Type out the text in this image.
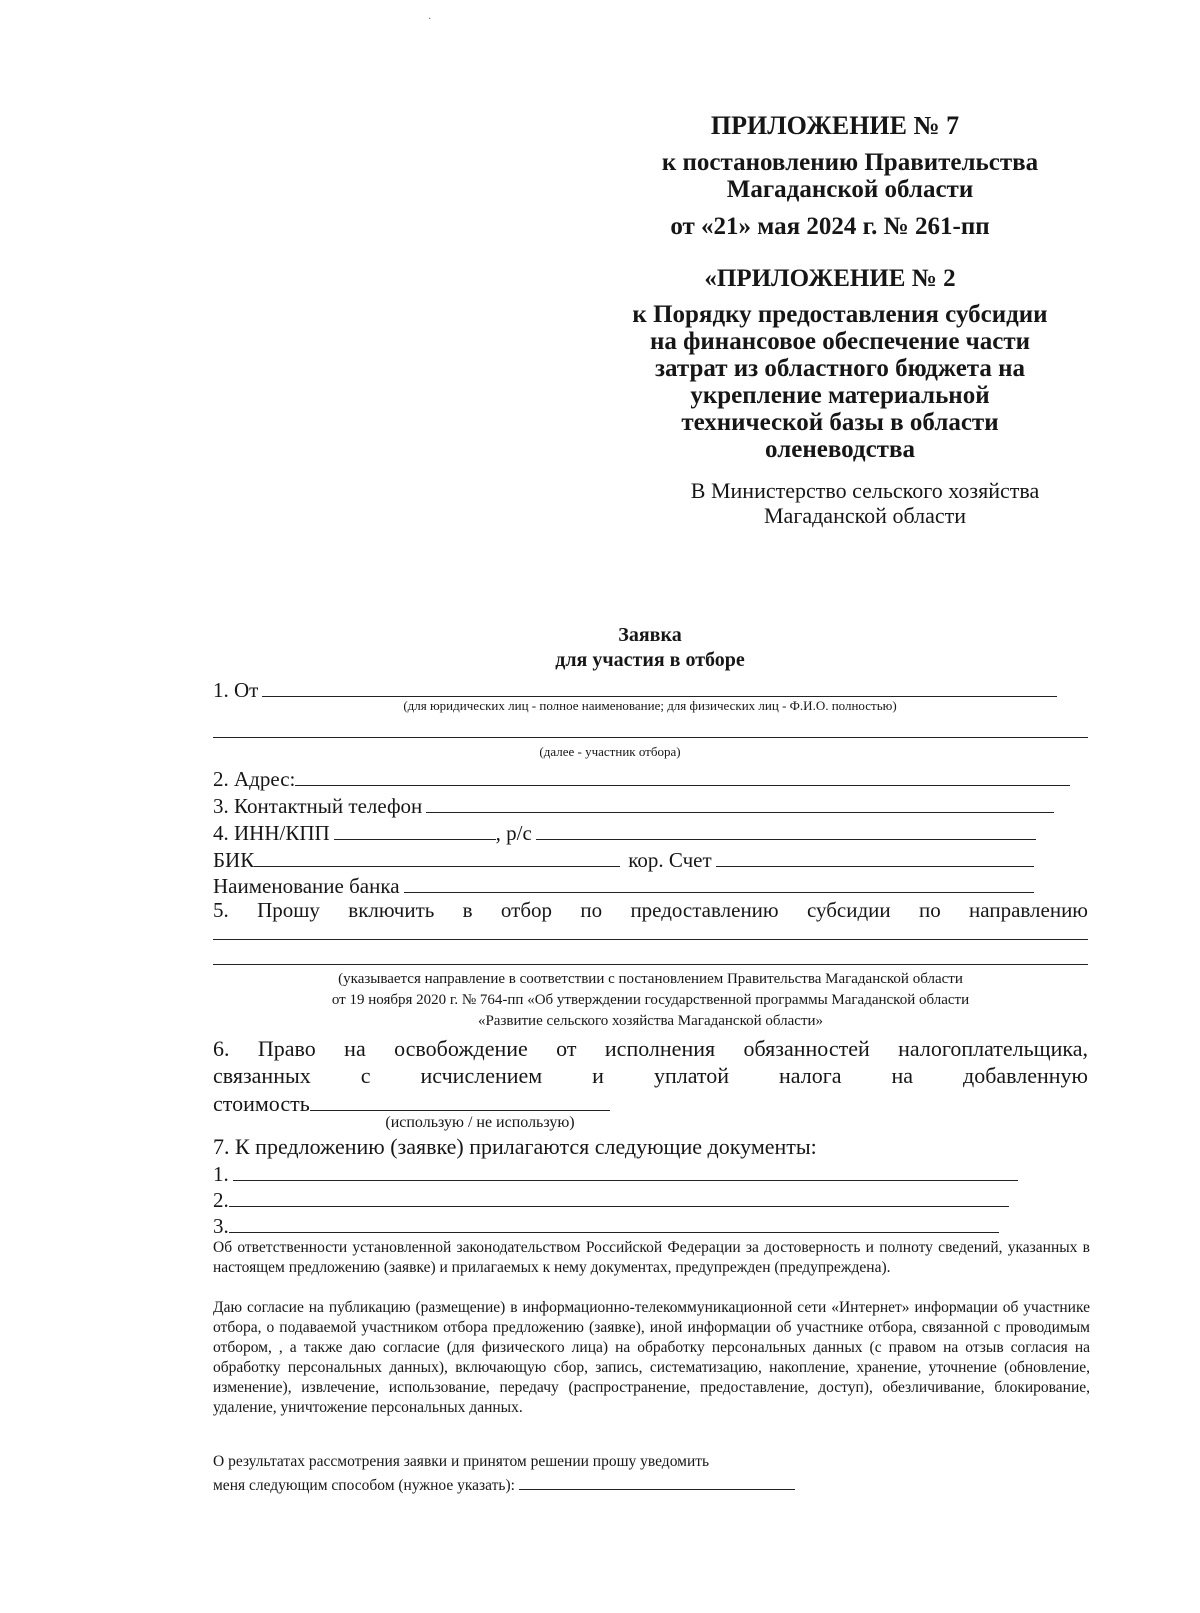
·
ПРИЛОЖЕНИЕ № 7
к постановлению Правительства
Магаданской области
от «21» мая 2024 г. № 261-пп
«ПРИЛОЖЕНИЕ № 2
к Порядку предоставления субсидии
на финансовое обеспечение части
затрат из областного бюджета на
укрепление материальной
технической базы в области
оленеводства
В Министерство сельского хозяйства
Магаданской области
Заявка
для участия в отборе
1. От
(для юридических лиц - полное наименование; для физических лиц - Ф.И.О. полностью)
(далее - участник отбора)
2. Адрес:
3. Контактный телефон
4. ИНН/КПП	, р/с
БИК	кор. Счет
Наименование банка
5. Прошу включить в отбор по предоставлению субсидии по направлению
(указывается направление в соответствии с постановлением Правительства Магаданской области
от 19 ноября 2020 г. № 764-пп «Об утверждении государственной программы Магаданской области
«Развитие сельского хозяйства Магаданской области»
6. Право на освобождение от исполнения обязанностей налогоплательщика,
связанных с исчислением и уплатой налога на добавленную
стоимость
(использую / не использую)
7. К предложению (заявке) прилагаются следующие документы:
1.
2.
3.
Об ответственности установленной законодательством Российской Федерации за достоверность и полноту сведений, указанных в настоящем предложению (заявке) и прилагаемых к нему документах, предупрежден (предупреждена).
Даю согласие на публикацию (размещение) в информационно-телекоммуникационной сети «Интернет» информации об участнике отбора, о подаваемой участником отбора предложению (заявке), иной информации об участнике отбора, связанной с проводимым отбором, , а также даю согласие (для физического лица) на обработку персональных данных (с правом на отзыв согласия на обработку персональных данных), включающую сбор, запись, систематизацию, накопление, хранение, уточнение (обновление, изменение), извлечение, использование, передачу (распространение, предоставление, доступ), обезличивание, блокирование, удаление, уничтожение персональных данных.
О результатах рассмотрения заявки и принятом решении прошу уведомить
меня следующим способом (нужное указать):
